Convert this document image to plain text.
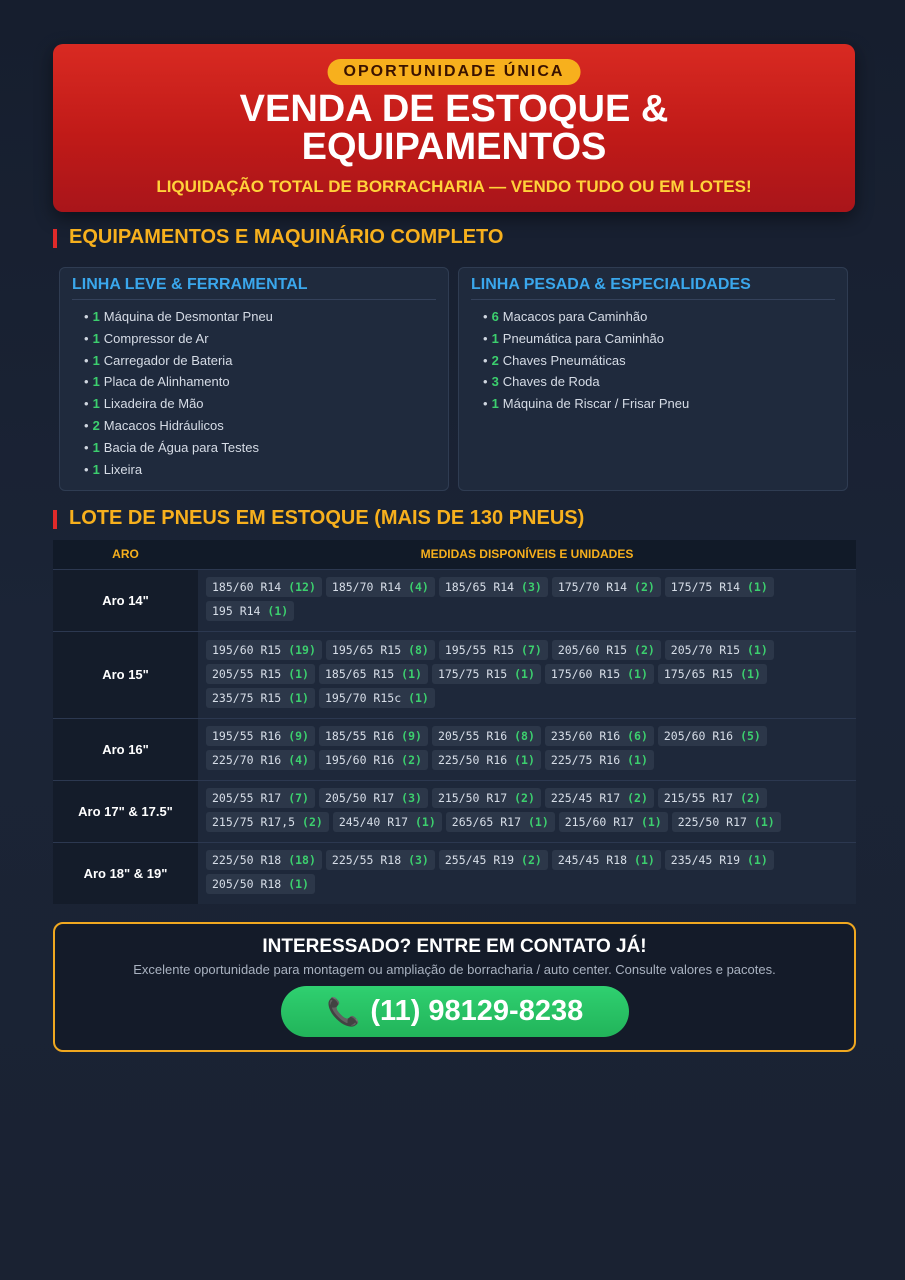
OPORTUNIDADE ÚNICA
VENDA DE ESTOQUE &
EQUIPAMENTOS
LIQUIDAÇÃO TOTAL DE BORRACHARIA — VENDO TUDO OU EM LOTES!
EQUIPAMENTOS E MAQUINÁRIO COMPLETO
LINHA LEVE & FERRAMENTAL
• 1 Máquina de Desmontar Pneu
• 1 Compressor de Ar
• 1 Carregador de Bateria
• 1 Placa de Alinhamento
• 1 Lixadeira de Mão
• 2 Macacos Hidráulicos
• 1 Bacia de Água para Testes
• 1 Lixeira
LINHA PESADA & ESPECIALIDADES
• 6 Macacos para Caminhão
• 1 Pneumática para Caminhão
• 2 Chaves Pneumáticas
• 3 Chaves de Roda
• 1 Máquina de Riscar / Frisar Pneu
LOTE DE PNEUS EM ESTOQUE (MAIS DE 130 PNEUS)
ARO	MEDIDAS DISPONÍVEIS E UNIDADES
Aro 14"	185/60 R14 (12) 185/70 R14 (4) 185/65 R14 (3) 175/70 R14 (2) 175/75 R14 (1)195 R14 (1)
Aro 15"	195/60 R15 (19) 195/65 R15 (8) 195/55 R15 (7) 205/60 R15 (2) 205/70 R15 (1)205/55 R15 (1) 185/65 R15 (1) 175/75 R15 (1) 175/60 R15 (1) 175/65 R15 (1)235/75 R15 (1) 195/70 R15c (1)
Aro 16"	195/55 R16 (9) 185/55 R16 (9) 205/55 R16 (8) 235/60 R16 (6) 205/60 R16 (5)225/70 R16 (4) 195/60 R16 (2) 225/50 R16 (1) 225/75 R16 (1)
Aro 17" & 17.5"	205/55 R17 (7) 205/50 R17 (3) 215/50 R17 (2) 225/45 R17 (2) 215/55 R17 (2)215/75 R17,5 (2) 245/40 R17 (1) 265/65 R17 (1) 215/60 R17 (1) 225/50 R17 (1)
Aro 18" & 19"	225/50 R18 (18) 225/55 R18 (3) 255/45 R19 (2) 245/45 R18 (1) 235/45 R19 (1)205/50 R18 (1)
INTERESSADO? ENTRE EM CONTATO JÁ!

Excelente oportunidade para montagem ou ampliação de borracharia / auto center. Consulte valores e pacotes.

📞 (11) 98129-8238
